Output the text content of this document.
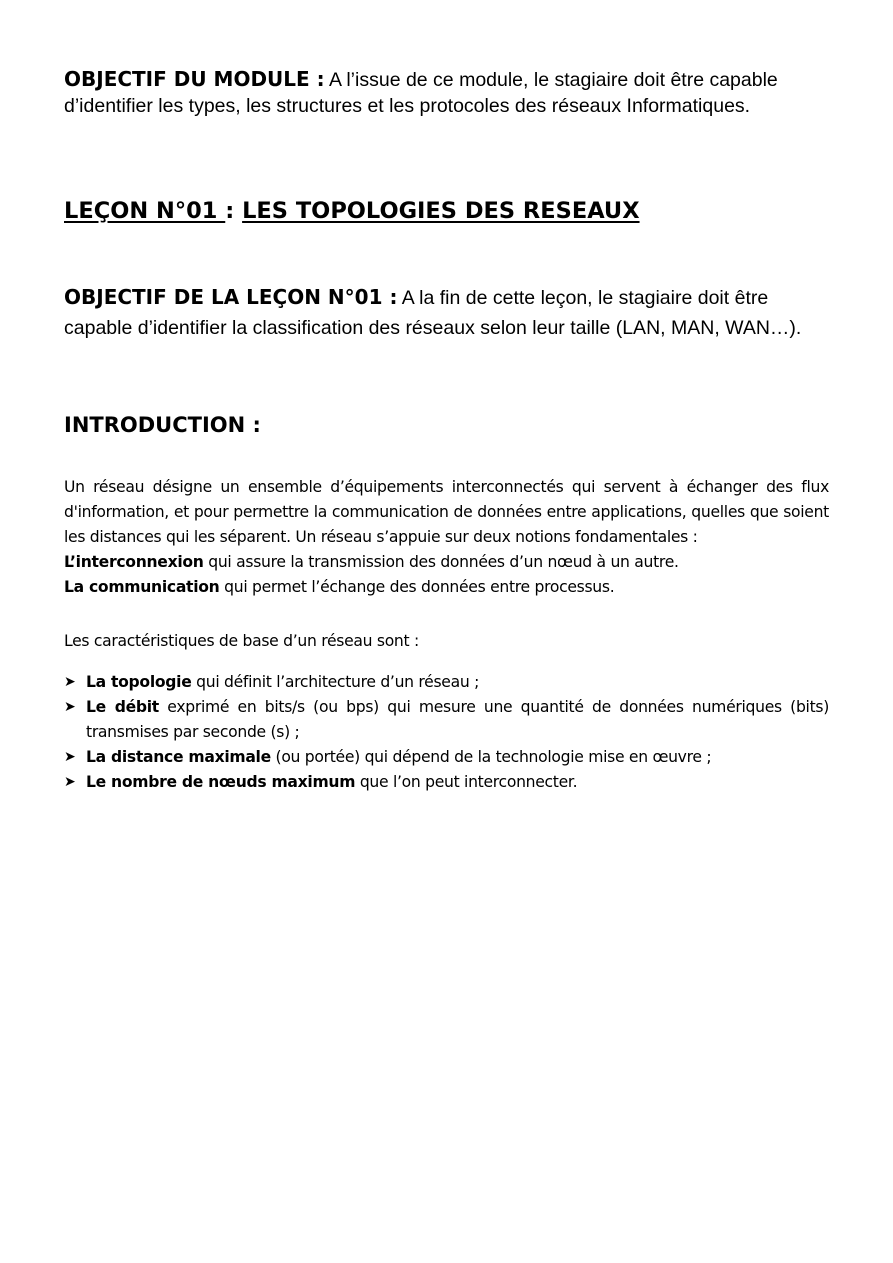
OBJECTIF DU MODULE : A l’issue de ce module, le stagiaire doit être capable d’identifier les types, les structures et les protocoles des réseaux Informatiques.
LEÇON N°01 : LES TOPOLOGIES DES RESEAUX
OBJECTIF DE LA LEÇON N°01 : A la fin de cette leçon, le stagiaire doit être capable d’identifier la classification des réseaux selon leur taille (LAN, MAN, WAN…).
INTRODUCTION :

Un réseau désigne un ensemble d’équipements interconnectés qui servent à échanger des flux d'information, et pour permettre la communication de données entre applications, quelles que soient les distances qui les séparent. Un réseau s’appuie sur deux notions fondamentales :

L’interconnexion qui assure la transmission des données d’un nœud à un autre.

La communication qui permet l’échange des données entre processus.

Les caractéristiques de base d’un réseau sont :

➤ La topologie qui définit l’architecture d’un réseau ;
➤ Le débit exprimé en bits/s (ou bps) qui mesure une quantité de données numériques (bits) transmises par seconde (s) ;
➤ La distance maximale (ou portée) qui dépend de la technologie mise en œuvre ;
➤ Le nombre de nœuds maximum que l’on peut interconnecter.
